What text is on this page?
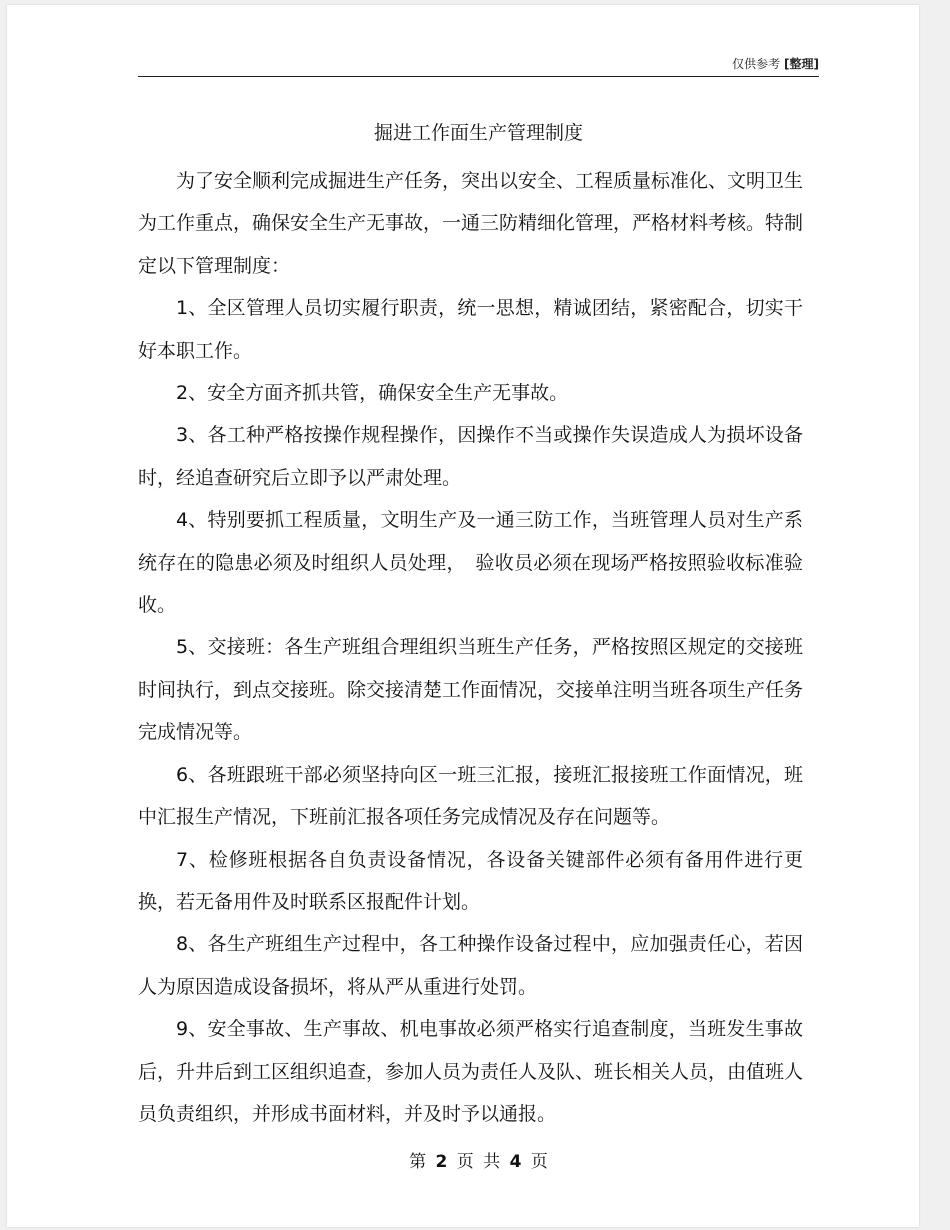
仅供参考 [整理]
掘进工作面生产管理制度

为了安全顺利完成掘进生产任务，突出以安全、工程质量标准化、文明卫生为工作重点，确保安全生产无事故，一通三防精细化管理，严格材料考核。特制定以下管理制度：

1、全区管理人员切实履行职责，统一思想，精诚团结，紧密配合，切实干好本职工作。

2、安全方面齐抓共管，确保安全生产无事故。

3、各工种严格按操作规程操作，因操作不当或操作失误造成人为损坏设备时，经追查研究后立即予以严肃处理。

4、特别要抓工程质量，文明生产及一通三防工作，当班管理人员对生产系统存在的隐患必须及时组织人员处理，　验收员必须在现场严格按照验收标准验收。

5、交接班：各生产班组合理组织当班生产任务，严格按照区规定的交接班时间执行，到点交接班。除交接清楚工作面情况，交接单注明当班各项生产任务完成情况等。

6、各班跟班干部必须坚持向区一班三汇报，接班汇报接班工作面情况，班中汇报生产情况，下班前汇报各项任务完成情况及存在问题等。

7、检修班根据各自负责设备情况，各设备关键部件必须有备用件进行更换，若无备用件及时联系区报配件计划。

8、各生产班组生产过程中，各工种操作设备过程中，应加强责任心，若因人为原因造成设备损坏，将从严从重进行处罚。

9、安全事故、生产事故、机电事故必须严格实行追查制度，当班发生事故后，升井后到工区组织追查，参加人员为责任人及队、班长相关人员，由值班人员负责组织，并形成书面材料，并及时予以通报。

第 2 页 共 4 页
